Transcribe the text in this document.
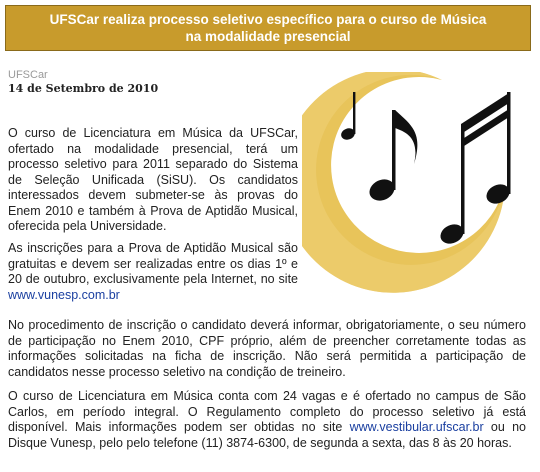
UFSCar realiza processo seletivo específico para o curso de Música na modalidade presencial
UFSCar
14 de Setembro de 2010

O curso de Licenciatura em Música da UFSCar, ofertado na modalidade presencial, terá um processo seletivo para 2011 separado do Sistema de Seleção Unificada (SiSU). Os candidatos interessados devem submeter-se às provas do Enem 2010 e também à Prova de Aptidão Musical, oferecida pela Universidade.

As inscrições para a Prova de Aptidão Musical são gratuitas e devem ser realizadas entre os dias 1º e 20 de outubro, exclusivamente pela Internet, no site www.vunesp.com.br

No procedimento de inscrição o candidato deverá informar, obrigatoriamente, o seu número de participação no Enem 2010, CPF próprio, além de preencher corretamente todas as informações solicitadas na ficha de inscrição. Não será permitida a participação de candidatos nesse processo seletivo na condição de treineiro.

O curso de Licenciatura em Música conta com 24 vagas e é ofertado no campus de São Carlos, em período integral. O Regulamento completo do processo seletivo já está disponível. Mais informações podem ser obtidas no site www.vestibular.ufscar.br ou no Disque Vunesp, pelo pelo telefone (11) 3874-6300, de segunda a sexta, das 8 às 20 horas.
